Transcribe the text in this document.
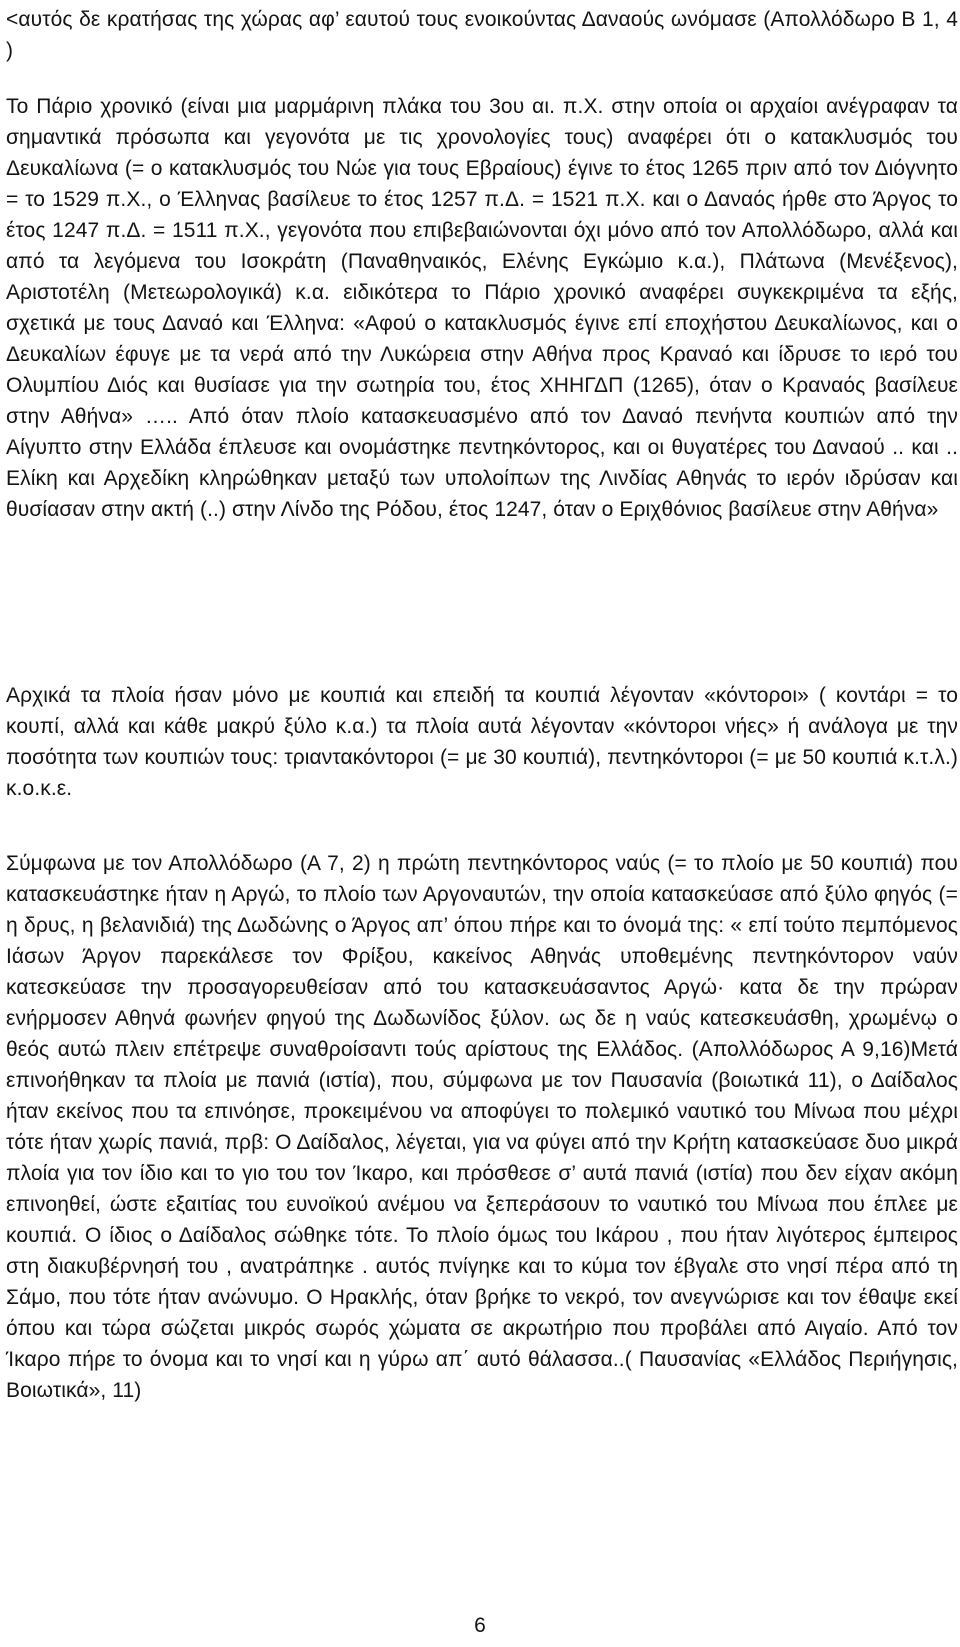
<αυτός δε κρατήσας της χώρας αφ’ εαυτού τους ενοικούντας Δαναούς ωνόμασε (Απολλόδωρο Β 1, 4 )

Το Πάριο χρονικό (είναι μια μαρμάρινη πλάκα του 3ου αι. π.Χ. στην οποία οι αρχαίοι ανέγραφαν τα σημαντικά πρόσωπα και γεγονότα με τις χρονολογίες τους) αναφέρει ότι ο κατακλυσμός του Δευκαλίωνα (= ο κατακλυσμός του Νώε για τους Εβραίους) έγινε το έτος 1265 πριν από τον Διόγνητο = το 1529 π.Χ., ο Έλληνας βασίλευε το έτος 1257 π.Δ. = 1521 π.Χ. και ο Δαναός ήρθε στο Άργος το έτος 1247 π.Δ. = 1511 π.Χ., γεγονότα που επιβεβαιώνονται όχι μόνο από τον Απολλόδωρο, αλλά και από τα λεγόμενα του Ισοκράτη (Παναθηναικός, Ελένης Εγκώμιο κ.α.), Πλάτωνα (Μενέξενος), Αριστοτέλη (Μετεωρολογικά) κ.α. ειδικότερα το Πάριο χρονικό αναφέρει συγκεκριμένα τα εξής, σχετικά με τους Δαναό και Έλληνα: «Αφού ο κατακλυσμός έγινε επί εποχήστου Δευκαλίωνος, και ο Δευκαλίων έφυγε με τα νερά από την Λυκώρεια στην Αθήνα προς Κραναό και ίδρυσε το ιερό του Ολυμπίου Διός και θυσίασε για την σωτηρία του, έτος ΧΗΗΓΔΠ (1265), όταν ο Κραναός βασίλευε στην Αθήνα» ….. Από όταν πλοίο κατασκευασμένο από τον Δαναό πενήντα κουπιών από την Αίγυπτο στην Ελλάδα έπλευσε και ονομάστηκε πεντηκόντορος, και οι θυγατέρες του Δαναού .. και .. Ελίκη και Αρχεδίκη κληρώθηκαν μεταξύ των υπολοίπων της Λινδίας Αθηνάς το ιερόν ιδρύσαν και θυσίασαν στην ακτή (..) στην Λίνδο της Ρόδου, έτος 1247, όταν ο Εριχθόνιος βασίλευε στην Αθήνα»

Αρχικά τα πλοία ήσαν μόνο με κουπιά και επειδή τα κουπιά λέγονταν «κόντοροι» ( κοντάρι = το κουπί, αλλά και κάθε μακρύ ξύλο κ.α.) τα πλοία αυτά λέγονταν «κόντοροι νήες» ή ανάλογα με την ποσότητα των κουπιών τους: τριαντακόντοροι (= με 30 κουπιά), πεντηκόντοροι (= με 50 κουπιά κ.τ.λ.) κ.ο.κ.ε.

Σύμφωνα με τον Απολλόδωρο (Α 7, 2) η πρώτη πεντηκόντορος ναύς (= το πλοίο με 50 κουπιά) που κατασκευάστηκε ήταν η Αργώ, το πλοίο των Αργοναυτών, την οποία κατασκεύασε από ξύλο φηγός (= η δρυς, η βελανιδιά) της Δωδώνης ο Άργος απ’ όπου πήρε και το όνομά της: « επί τούτο πεμπόμενος Ιάσων Άργον παρεκάλεσε τον Φρίξου, κακείνος Αθηνάς υποθεμένης πεντηκόντορον ναύν κατεσκεύασε την προσαγορευθείσαν από του κατασκευάσαντος Αργώ· κατα δε την πρώραν ενήρμοσεν Αθηνά φωνήεν φηγού της Δωδωνίδος ξύλον. ως δε η ναύς κατεσκευάσθη, χρωμένῳ ο θεός αυτώ πλειν επέτρεψε συναθροίσαντι τούς αρίστους της Ελλάδος. (Απολλόδωρος Α 9,16)Μετά επινοήθηκαν τα πλοία με πανιά (ιστία), που, σύμφωνα με τον Παυσανία (βοιωτικά 11), ο Δαίδαλος ήταν εκείνος που τα επινόησε, προκειμένου να αποφύγει το πολεμικό ναυτικό του Μίνωα που μέχρι τότε ήταν χωρίς πανιά, πρβ: Ο Δαίδαλος, λέγεται, για να φύγει από την Κρήτη κατασκεύασε δυο μικρά πλοία για τον ίδιο και το γιο του τον Ίκαρο, και πρόσθεσε σ’ αυτά πανιά (ιστία) που δεν είχαν ακόμη επινοηθεί, ώστε εξαιτίας του ευνοϊκού ανέμου να ξεπεράσουν το ναυτικό του Μίνωα που έπλεε με κουπιά. Ο ίδιος ο Δαίδαλος σώθηκε τότε. Το πλοίο όμως του Ικάρου , που ήταν λιγότερος έμπειρος στη διακυβέρνησή του , ανατράπηκε . αυτός πνίγηκε και το κύμα τον έβγαλε στο νησί πέρα από τη Σάμο, που τότε ήταν ανώνυμο. Ο Ηρακλής, όταν βρήκε το νεκρό, τον ανεγνώρισε και τον έθαψε εκεί όπου και τώρα σώζεται μικρός σωρός χώματα σε ακρωτήριο που προβάλει από Αιγαίο. Από τον Ίκαρο πήρε το όνομα και το νησί και η γύρω απ΄ αυτό θάλασσα..( Παυσανίας «Ελλάδος Περιήγησις, Βοιωτικά», 11)

6
